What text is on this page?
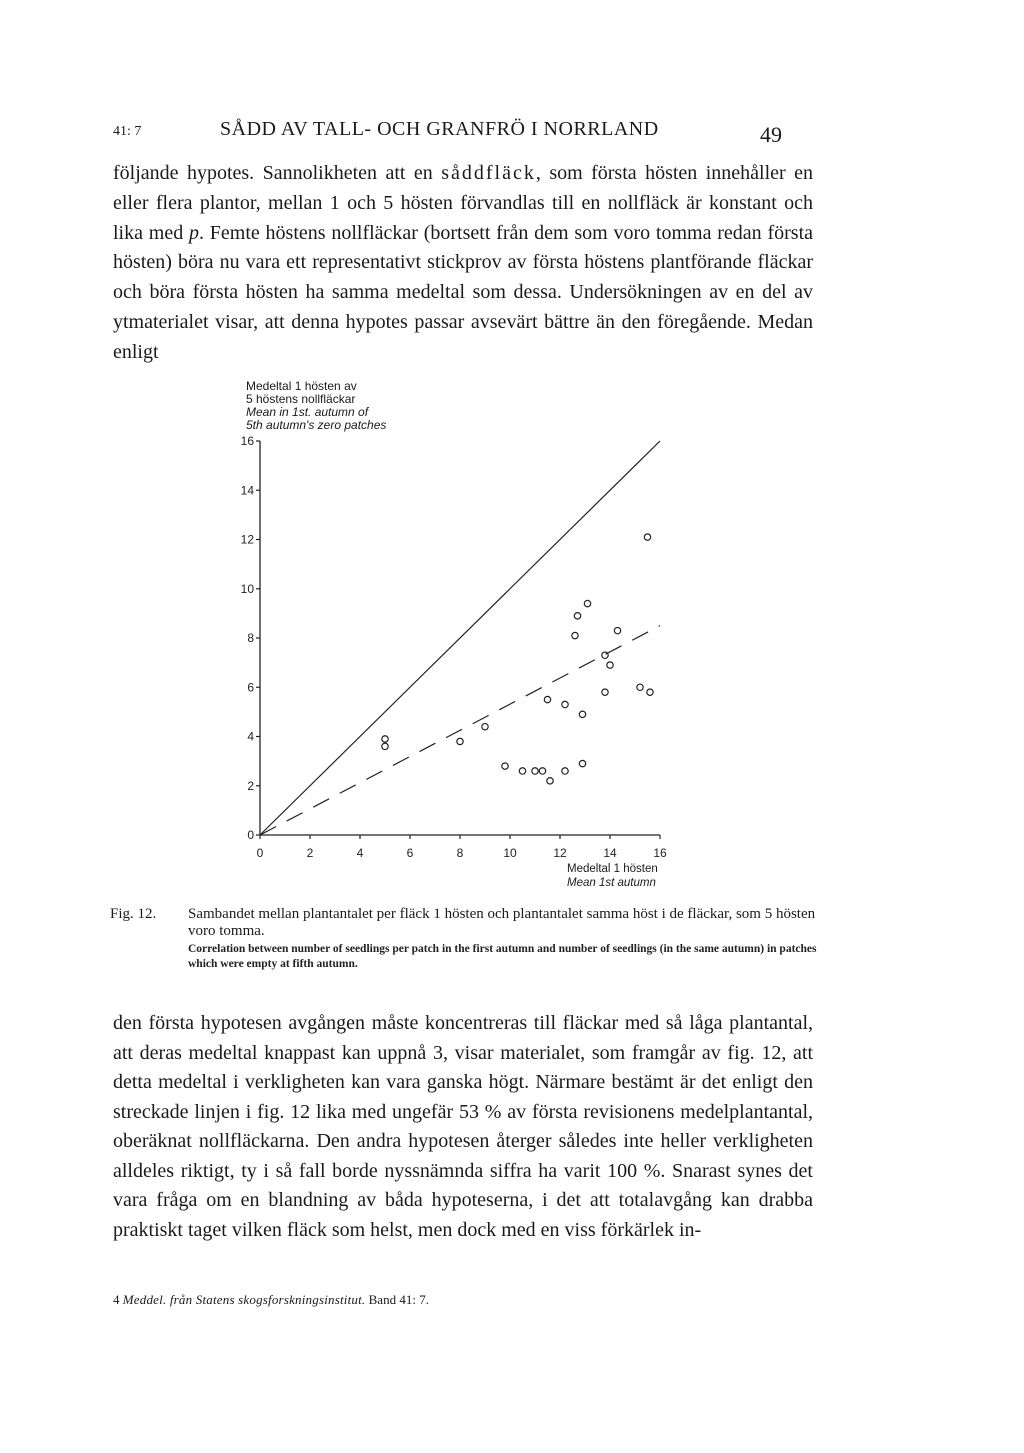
41: 7	SÅDD AV TALL- OCH GRANFRÖ I NORRLAND	49

följande hypotes. Sannolikheten att en såddfläck, som första hösten innehåller en eller flera plantor, mellan 1 och 5 hösten förvandlas till en nollfläck är konstant och lika med p. Femte höstens nollfläckar (bortsett från dem som voro tomma redan första hösten) böra nu vara ett representativt stickprov av första höstens plantförande fläckar och böra första hösten ha samma medeltal som dessa. Undersökningen av en del av ytmaterialet visar, att denna hypotes passar avsevärt bättre än den föregående. Medan enligt

Medeltal 1 hösten av
5 höstens nollfläckar
Mean in 1st. autumn of
5th autumn's zero patches
0
2
4
6
8
10
12
14
16
0	2	4	6	8	10	12	14	16
Medeltal 1 hösten
Mean 1st autumn
Fig. 12. Sambandet mellan plantantalet per fläck 1 hösten och plantantalet samma höst i de fläckar, som 5 hösten voro tomma.
Correlation between number of seedlings per patch in the first autumn and number of seedlings (in the same autumn) in patches which were empty at fifth autumn.

den första hypotesen avgången måste koncentreras till fläckar med så låga plantantal, att deras medeltal knappast kan uppnå 3, visar materialet, som framgår av fig. 12, att detta medeltal i verkligheten kan vara ganska högt. Närmare bestämt är det enligt den streckade linjen i fig. 12 lika med ungefär 53 % av första revisionens medelplantantal, oberäknat nollfläckarna. Den andra hypotesen återger således inte heller verkligheten alldeles riktigt, ty i så fall borde nyssnämnda siffra ha varit 100 %. Snarast synes det vara fråga om en blandning av båda hypoteserna, i det att totalavgång kan drabba praktiskt taget vilken fläck som helst, men dock med en viss förkärlek in-

4 Meddel. från Statens skogsforskningsinstitut. Band 41: 7.
